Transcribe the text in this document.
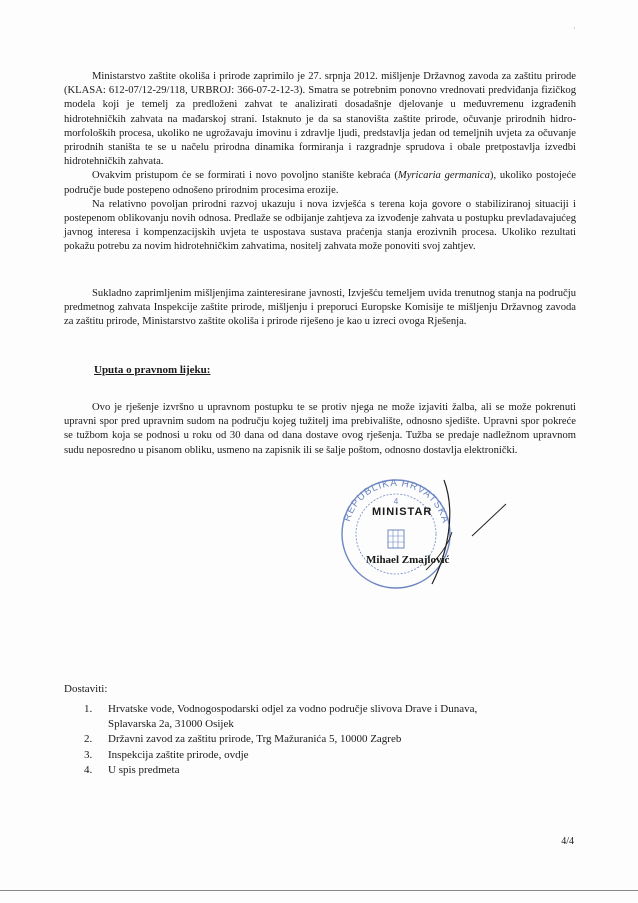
·

Ministarstvo zaštite okoliša i prirode zaprimilo je 27. srpnja 2012. mišljenje Državnog zavoda za zaštitu prirode (KLASA: 612-07/12-29/118, URBROJ: 366-07-2-12-3). Smatra se potrebnim ponovno vrednovati predviđanja fizičkog modela koji je temelj za predloženi zahvat te analizirati dosadašnje djelovanje u međuvremenu izgrađenih hidrotehničkih zahvata na mađarskoj strani. Istaknuto je da sa stanovišta zaštite prirode, očuvanje prirodnih hidro-morfoloških procesa, ukoliko ne ugrožavaju imovinu i zdravlje ljudi, predstavlja jedan od temeljnih uvjeta za očuvanje prirodnih staništa te se u načelu prirodna dinamika formiranja i razgradnje sprudova i obale pretpostavlja izvedbi hidrotehničkih zahvata.

Ovakvim pristupom će se formirati i novo povoljno stanište kebraća (Myricaria germanica), ukoliko postojeće područje bude postepeno odnošeno prirodnim procesima erozije.

Na relativno povoljan prirodni razvoj ukazuju i nova izvješća s terena koja govore o stabiliziranoj situaciji i postepenom oblikovanju novih odnosa. Predlaže se odbijanje zahtjeva za izvođenje zahvata u postupku prevladavajućeg javnog interesa i kompenzacijskih uvjeta te uspostava sustava praćenja stanja erozivnih procesa. Ukoliko rezultati pokažu potrebu za novim hidrotehničkim zahvatima, nositelj zahvata može ponoviti svoj zahtjev.

Sukladno zaprimljenim mišljenjima zainteresirane javnosti, Izvješću temeljem uvida trenutnog stanja na području predmetnog zahvata Inspekcije zaštite prirode, mišljenju i preporuci Europske Komisije te mišljenju Državnog zavoda za zaštitu prirode, Ministarstvo zaštite okoliša i prirode riješeno je kao u izreci ovoga Rješenja.

Uputa o pravnom lijeku:

Ovo je rješenje izvršno u upravnom postupku te se protiv njega ne može izjaviti žalba, ali se može pokrenuti upravni spor pred upravnim sudom na području kojeg tužitelj ima prebivalište, odnosno sjedište. Upravni spor pokreće se tužbom koja se podnosi u roku od 30 dana od dana dostave ovog rješenja. Tužba se predaje nadležnom upravnom sudu neposredno u pisanom obliku, usmeno na zapisnik ili se šalje poštom, odnosno dostavlja elektronički.

REPUBLIKA HRVATSKA
4
MINISTAR
Mihael Zmajlović
Dostaviti:
1. Hrvatske vode, Vodnogospodarski odjel za vodno područje slivova Drave i Dunava,
Splavarska 2a, 31000 Osijek
2. Državni zavod za zaštitu prirode, Trg Mažuranića 5, 10000 Zagreb
3. Inspekcija zaštite prirode, ovdje
4. U spis predmeta
4/4
